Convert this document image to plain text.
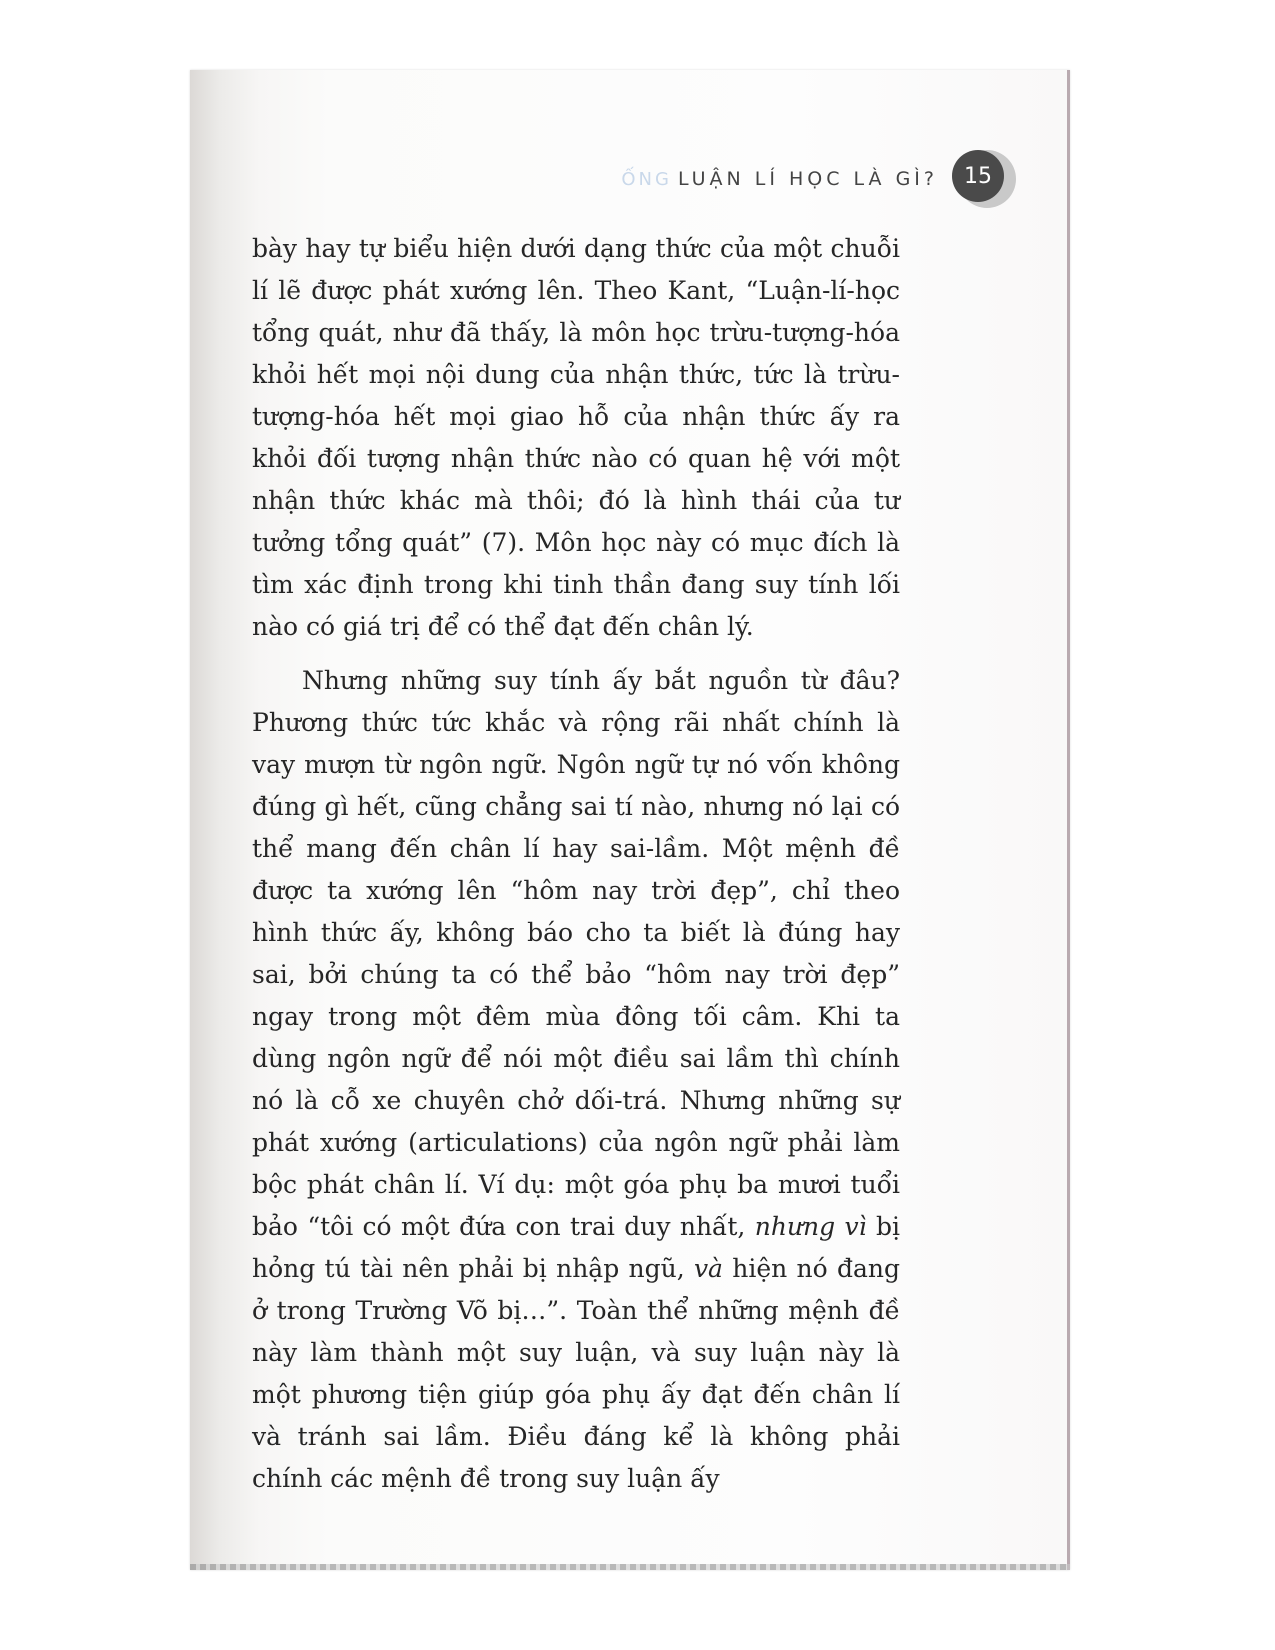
ỐNG LUẬN LÍ HỌC LÀ GÌ?	15

bày hay tự biểu hiện dưới dạng thức của một chuỗi lí lẽ được phát xướng lên. Theo Kant, “Luận-lí-học tổng quát, như đã thấy, là môn học trừu-tượng-hóa khỏi hết mọi nội dung của nhận thức, tức là trừu-tượng-hóa hết mọi giao hỗ của nhận thức ấy ra khỏi đối tượng nhận thức nào có quan hệ với một nhận thức khác mà thôi; đó là hình thái của tư tưởng tổng quát” (7). Môn học này có mục đích là tìm xác định trong khi tinh thần đang suy tính lối nào có giá trị để có thể đạt đến chân lý.

Nhưng những suy tính ấy bắt nguồn từ đâu? Phương thức tức khắc và rộng rãi nhất chính là vay mượn từ ngôn ngữ. Ngôn ngữ tự nó vốn không đúng gì hết, cũng chẳng sai tí nào, nhưng nó lại có thể mang đến chân lí hay sai-lầm. Một mệnh đề được ta xướng lên “hôm nay trời đẹp”, chỉ theo hình thức ấy, không báo cho ta biết là đúng hay sai, bởi chúng ta có thể bảo “hôm nay trời đẹp” ngay trong một đêm mùa đông tối câm. Khi ta dùng ngôn ngữ để nói một điều sai lầm thì chính nó là cỗ xe chuyên chở dối-trá. Nhưng những sự phát xướng (articulations) của ngôn ngữ phải làm bộc phát chân lí. Ví dụ: một góa phụ ba mươi tuổi bảo “tôi có một đứa con trai duy nhất, nhưng vì bị hỏng tú tài nên phải bị nhập ngũ, và hiện nó đang ở trong Trường Võ bị…”. Toàn thể những mệnh đề này làm thành một suy luận, và suy luận này là một phương tiện giúp góa phụ ấy đạt đến chân lí và tránh sai lầm. Điều đáng kể là không phải chính các mệnh đề trong suy luận ấy
